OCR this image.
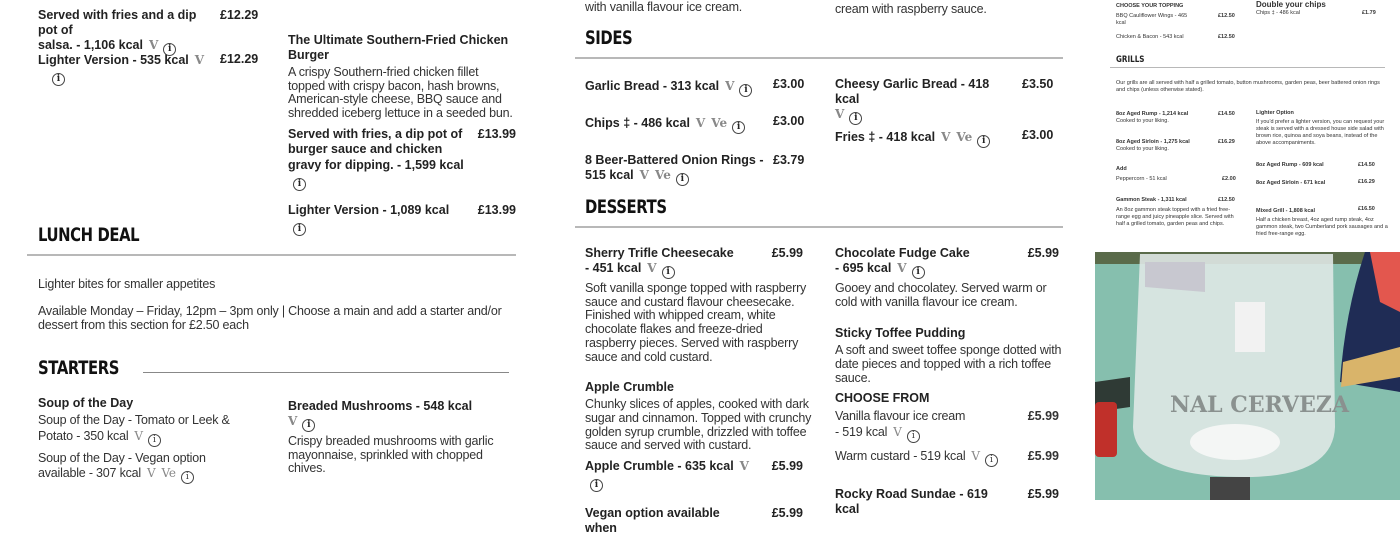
Served with fries and a dip pot of
salsa. - 1,106 kcal V i
£12.29
Lighter Version - 535 kcal V
i
£12.29
The Ultimate Southern-Fried Chicken Burger
A crispy Southern-fried chicken fillet topped with crispy bacon, hash browns, American-style cheese, BBQ sauce and shredded iceberg lettuce in a seeded bun.
Served with fries, a dip pot of burger sauce and chicken gravy for dipping. - 1,599 kcali
£13.99
Lighter Version - 1,089 kcali
£13.99
LUNCH DEAL
Lighter bites for smaller appetites
Available Monday – Friday, 12pm – 3pm only | Choose a main and add a starter and/or dessert from this section for £2.50 each
STARTERS
Soup of the Day
Soup of the Day - Tomato or Leek & Potato - 350 kcal V i
Soup of the Day - Vegan option available - 307 kcal V Ve i
Breaded Mushrooms - 548 kcal
V i
Crispy breaded mushrooms with garlic mayonnaise, sprinkled with chopped chives.
with vanilla flavour ice cream.	cream with raspberry sauce.
SIDES
Garlic Bread - 313 kcal V i	£3.00
Chips ‡ - 486 kcal V Ve i	£3.00
8 Beer-Battered Onion Rings - 515 kcal V Ve i
£3.79
Cheesy Garlic Bread - 418 kcal
V i
£3.50
Fries ‡ - 418 kcal V Ve i	£3.00
DESSERTS
Sherry Trifle Cheesecake
- 451 kcal V i
£5.99
Soft vanilla sponge topped with raspberry sauce and custard flavour cheesecake. Finished with whipped cream, white chocolate flakes and freeze-dried raspberry pieces. Served with raspberry sauce and cold custard.
Apple Crumble
Chunky slices of apples, cooked with dark sugar and cinnamon. Topped with crunchy golden syrup crumble, drizzled with toffee sauce and served with custard.
Apple Crumble - 635 kcal Vi
£5.99
Vegan option available when
£5.99
Chocolate Fudge Cake
- 695 kcal V i
£5.99
Gooey and chocolatey. Served warm or cold with vanilla flavour ice cream.
Sticky Toffee Pudding
A soft and sweet toffee sponge dotted with date pieces and topped with a rich toffee sauce.
CHOOSE FROM
Vanilla flavour ice cream
- 519 kcal V i
£5.99
Warm custard - 519 kcal V i	£5.99
Rocky Road Sundae - 619 kcal
£5.99
CHOOSE YOUR TOPPING
BBQ Cauliflower Wings - 465 kcal
£12.50
Chicken & Bacon - 543 kcal	£12.50
Double your chips
Chips ‡ - 486 kcal	£1.79
GRILLS
Our grills are all served with half a grilled tomato, button mushrooms, garden peas, beer battered onion rings and chips (unless otherwise stated).
8oz Aged Rump - 1,214 kcal
Cooked to your liking.
£14.50
8oz Aged Sirloin - 1,275 kcal
Cooked to your liking.
£16.29
Add
Peppercorn - 51 kcal	£2.00
Gammon Steak - 1,311 kcal	£12.50
An 8oz gammon steak topped with a fried free-range egg and juicy pineapple slice. Served with half a grilled tomato, garden peas and chips.
Lighter Option
If you'd prefer a lighter version, you can request your steak is served with a dressed house side salad with brown rice, quinoa and soya beans, instead of the above accompaniments.
8oz Aged Rump - 609 kcal	£14.50
8oz Aged Sirloin - 671 kcal	£16.29
Mixed Grill - 1,808 kcal	£16.50
Half a chicken breast, 4oz aged rump steak, 4oz gammon steak, two Cumberland pork sausages and a fried free-range egg.
NAL CERVEZA
